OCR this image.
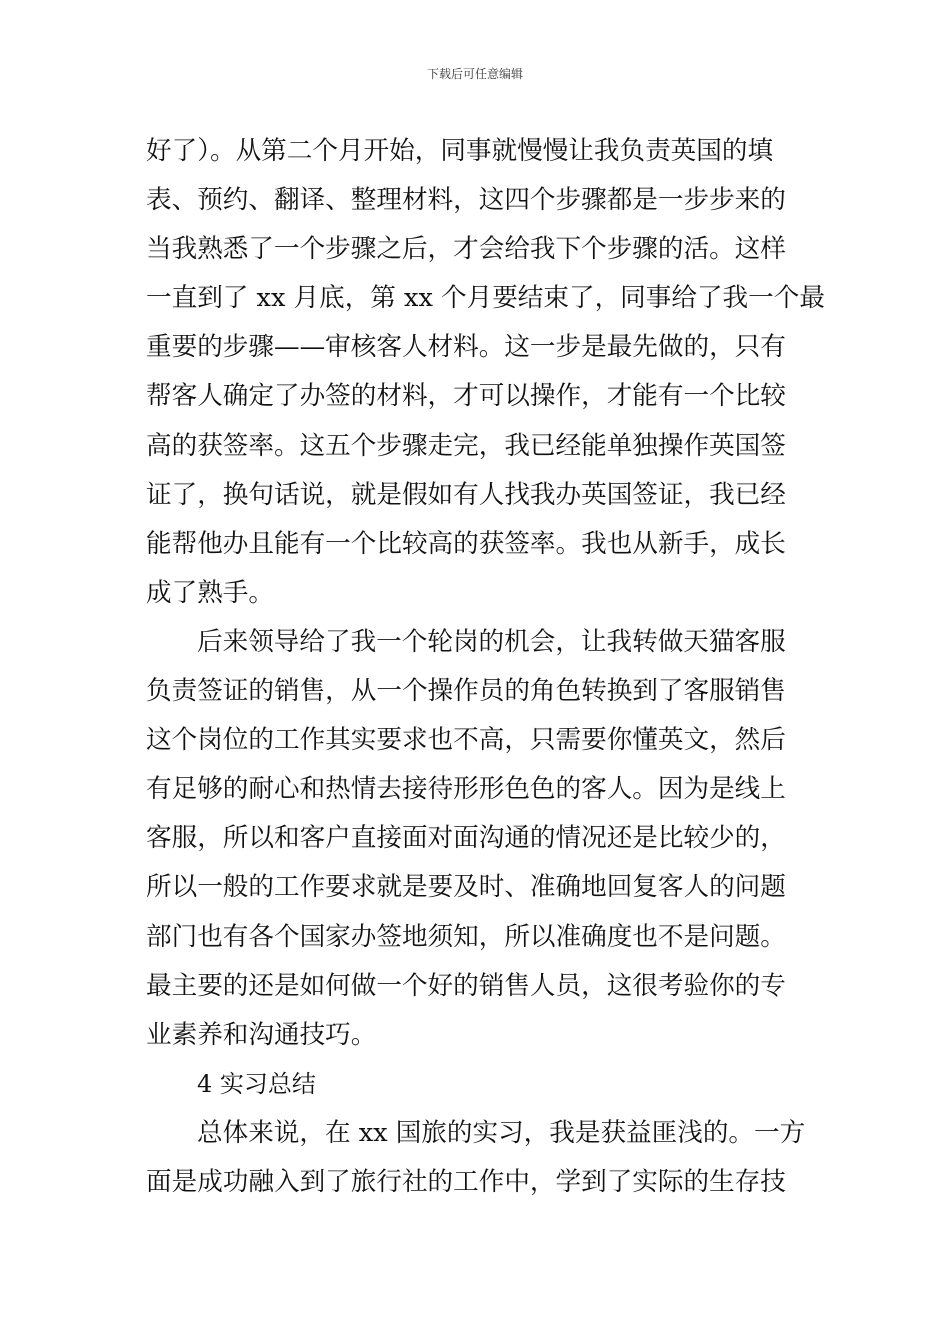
下载后可任意编辑
好了）。从第二个月开始，同事就慢慢让我负责英国的填
表、预约、翻译、整理材料，这四个步骤都是一步步来的
当我熟悉了一个步骤之后，才会给我下个步骤的活。这样
一直到了 xx 月底，第 xx 个月要结束了，同事给了我一个最
重要的步骤——审核客人材料。这一步是最先做的，只有
帮客人确定了办签的材料，才可以操作，才能有一个比较
高的获签率。这五个步骤走完，我已经能单独操作英国签
证了，换句话说，就是假如有人找我办英国签证，我已经
能帮他办且能有一个比较高的获签率。我也从新手，成长
成了熟手。
后来领导给了我一个轮岗的机会，让我转做天猫客服
负责签证的销售，从一个操作员的角色转换到了客服销售
这个岗位的工作其实要求也不高，只需要你懂英文，然后
有足够的耐心和热情去接待形形色色的客人。因为是线上
客服，所以和客户直接面对面沟通的情况还是比较少的，
所以一般的工作要求就是要及时、准确地回复客人的问题
部门也有各个国家办签地须知，所以准确度也不是问题。
最主要的还是如何做一个好的销售人员，这很考验你的专
业素养和沟通技巧。
4 实习总结
总体来说，在 xx 国旅的实习，我是获益匪浅的。一方
面是成功融入到了旅行社的工作中，学到了实际的生存技
